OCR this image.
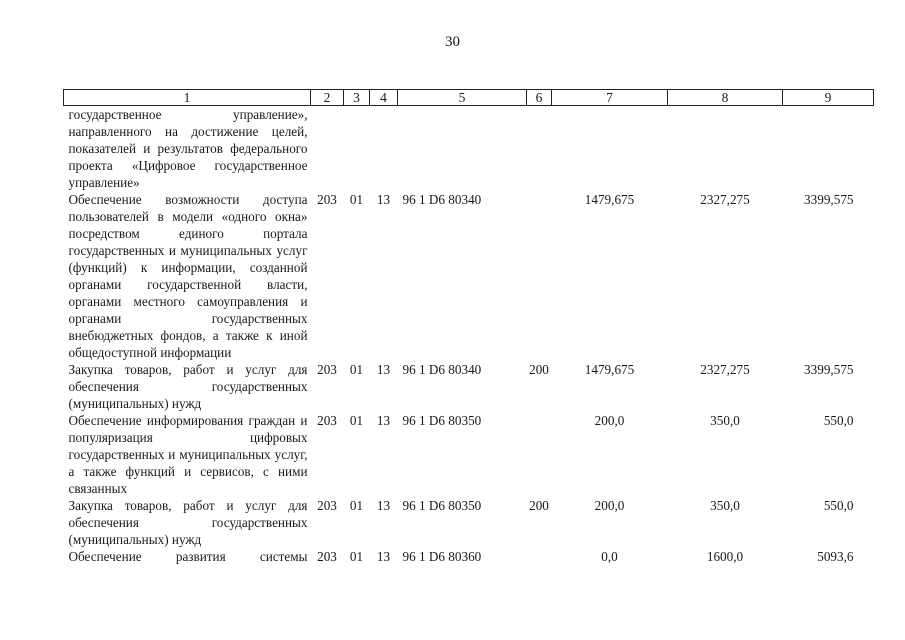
30
1	2	3	4	5	6	7	8	9
государственное управление», направленного на достижение целей, показателей и результатов федерального проекта «Цифровое государственное управление»								
Обеспечение возможности доступа пользователей в модели «одного окна» посредством единого портала государственных и муниципальных услуг (функций) к информации, созданной органами государственной власти, органами местного самоуправления и органами государственных внебюджетных фондов, а также к иной общедоступной информации	203	01	13	96 1 D6 80340		1479,675	2327,275	3399,575
Закупка товаров, работ и услуг для обеспечения государственных (муниципальных) нужд	203	01	13	96 1 D6 80340	200	1479,675	2327,275	3399,575
Обеспечение информирования граждан и популяризация цифровых государственных и муниципальных услуг, а также функций и сервисов, с ними связанных	203	01	13	96 1 D6 80350		200,0	350,0	550,0
Закупка товаров, работ и услуг для обеспечения государственных (муниципальных) нужд	203	01	13	96 1 D6 80350	200	200,0	350,0	550,0
Обеспечение развития системы	203	01	13	96 1 D6 80360		0,0	1600,0	5093,6
